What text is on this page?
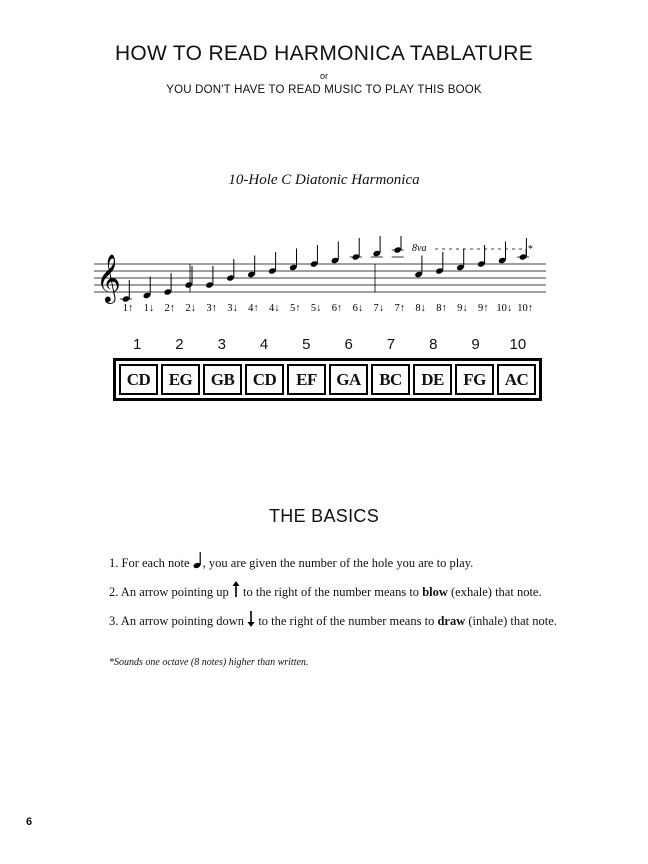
HOW TO READ HARMONICA TABLATURE
or
YOU DON'T HAVE TO READ MUSIC TO PLAY THIS BOOK
10-Hole C Diatonic Harmonica
𝄞
8va	*
1↑ 1↓ 2↑ 2↓ 3↑ 3↓ 4↑ 4↓ 5↑ 5↓ 6↑ 6↓ 7↓ 7↑ 8↓ 8↑ 9↓ 9↑ 10↓ 10↑
1	2	3	4	5	6	7	8	9	10
CD	EG	GB	CD	EF	GA	BC	DE	FG	AC
THE BASICS
1. For each note , you are given the number of the hole you are to play.
2. An arrow pointing up  to the right of the number means to blow (exhale) that note.
3. An arrow pointing down  to the right of the number means to draw (inhale) that note.
*Sounds one octave (8 notes) higher than written.
6
